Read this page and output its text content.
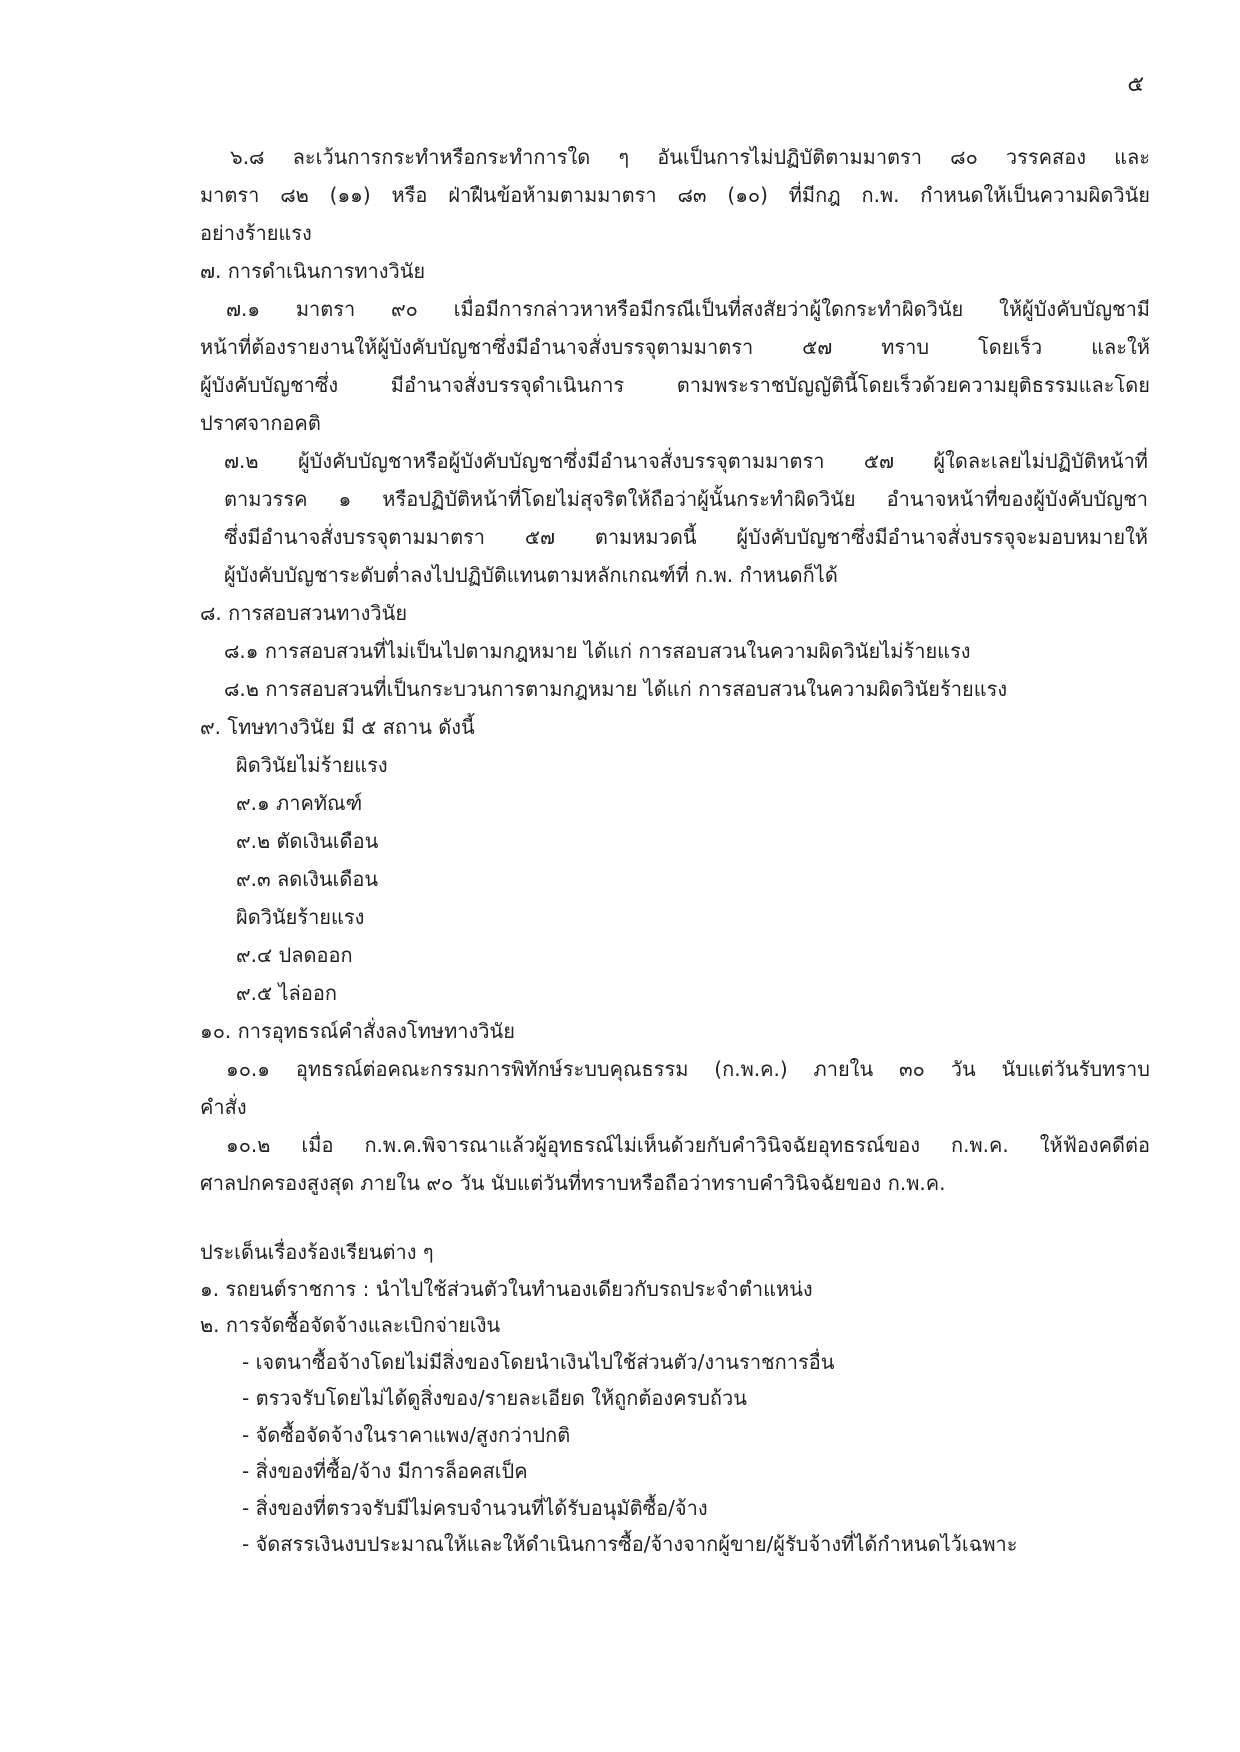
๕
๖.๘ ละเว้นการกระทำหรือกระทำการใด ๆ อันเป็นการไม่ปฏิบัติตามมาตรา ๘๐ วรรคสอง และ
มาตรา ๘๒ (๑๑) หรือ ฝ่าฝืนข้อห้ามตามมาตรา ๘๓ (๑๐) ที่มีกฎ ก.พ. กำหนดให้เป็นความผิดวินัย
อย่างร้ายแรง
๗. การดำเนินการทางวินัย
๗.๑ มาตรา ๙๐ เมื่อมีการกล่าวหาหรือมีกรณีเป็นที่สงสัยว่าผู้ใดกระทำผิดวินัย ให้ผู้บังคับบัญชามี
หน้าที่ต้องรายงานให้ผู้บังคับบัญชาซึ่งมีอำนาจสั่งบรรจุตามมาตรา ๕๗ ทราบ โดยเร็ว และให้
ผู้บังคับบัญชาซึ่ง มีอำนาจสั่งบรรจุดำเนินการ ตามพระราชบัญญัตินี้โดยเร็วด้วยความยุติธรรมและโดย
ปราศจากอคติ
๗.๒ ผู้บังคับบัญชาหรือผู้บังคับบัญชาซึ่งมีอำนาจสั่งบรรจุตามมาตรา ๕๗ ผู้ใดละเลยไม่ปฏิบัติหน้าที่
ตามวรรค ๑ หรือปฏิบัติหน้าที่โดยไม่สุจริตให้ถือว่าผู้นั้นกระทำผิดวินัย อำนาจหน้าที่ของผู้บังคับบัญชา
ซึ่งมีอำนาจสั่งบรรจุตามมาตรา ๕๗ ตามหมวดนี้ ผู้บังคับบัญชาซึ่งมีอำนาจสั่งบรรจุจะมอบหมายให้
ผู้บังคับบัญชาระดับต่ำลงไปปฏิบัติแทนตามหลักเกณฑ์ที่ ก.พ. กำหนดก็ได้
๘. การสอบสวนทางวินัย
๘.๑ การสอบสวนที่ไม่เป็นไปตามกฎหมาย ได้แก่ การสอบสวนในความผิดวินัยไม่ร้ายแรง
๘.๒ การสอบสวนที่เป็นกระบวนการตามกฎหมาย ได้แก่ การสอบสวนในความผิดวินัยร้ายแรง
๙. โทษทางวินัย มี ๕ สถาน ดังนี้
ผิดวินัยไม่ร้ายแรง
๙.๑ ภาคทัณฑ์
๙.๒ ตัดเงินเดือน
๙.๓ ลดเงินเดือน
ผิดวินัยร้ายแรง
๙.๔ ปลดออก
๙.๕ ไล่ออก
๑๐. การอุทธรณ์คำสั่งลงโทษทางวินัย
๑๐.๑ อุทธรณ์ต่อคณะกรรมการพิทักษ์ระบบคุณธรรม (ก.พ.ค.) ภายใน ๓๐ วัน นับแต่วันรับทราบ
คำสั่ง
๑๐.๒ เมื่อ ก.พ.ค.พิจารณาแล้วผู้อุทธรณ์ไม่เห็นด้วยกับคำวินิจฉัยอุทธรณ์ของ ก.พ.ค. ให้ฟ้องคดีต่อ
ศาลปกครองสูงสุด ภายใน ๙๐ วัน นับแต่วันที่ทราบหรือถือว่าทราบคำวินิจฉัยของ ก.พ.ค.
ประเด็นเรื่องร้องเรียนต่าง ๆ
๑. รถยนต์ราชการ : นำไปใช้ส่วนตัวในทำนองเดียวกับรถประจำตำแหน่ง
๒. การจัดซื้อจัดจ้างและเบิกจ่ายเงิน
- เจตนาซื้อจ้างโดยไม่มีสิ่งของโดยนำเงินไปใช้ส่วนตัว/งานราชการอื่น
- ตรวจรับโดยไม่ได้ดูสิ่งของ/รายละเอียด ให้ถูกต้องครบถ้วน
- จัดซื้อจัดจ้างในราคาแพง/สูงกว่าปกติ
- สิ่งของที่ซื้อ/จ้าง มีการล็อคสเป็ค
- สิ่งของที่ตรวจรับมีไม่ครบจำนวนที่ได้รับอนุมัติซื้อ/จ้าง
- จัดสรรเงินงบประมาณให้และให้ดำเนินการซื้อ/จ้างจากผู้ขาย/ผู้รับจ้างที่ได้กำหนดไว้เฉพาะ
